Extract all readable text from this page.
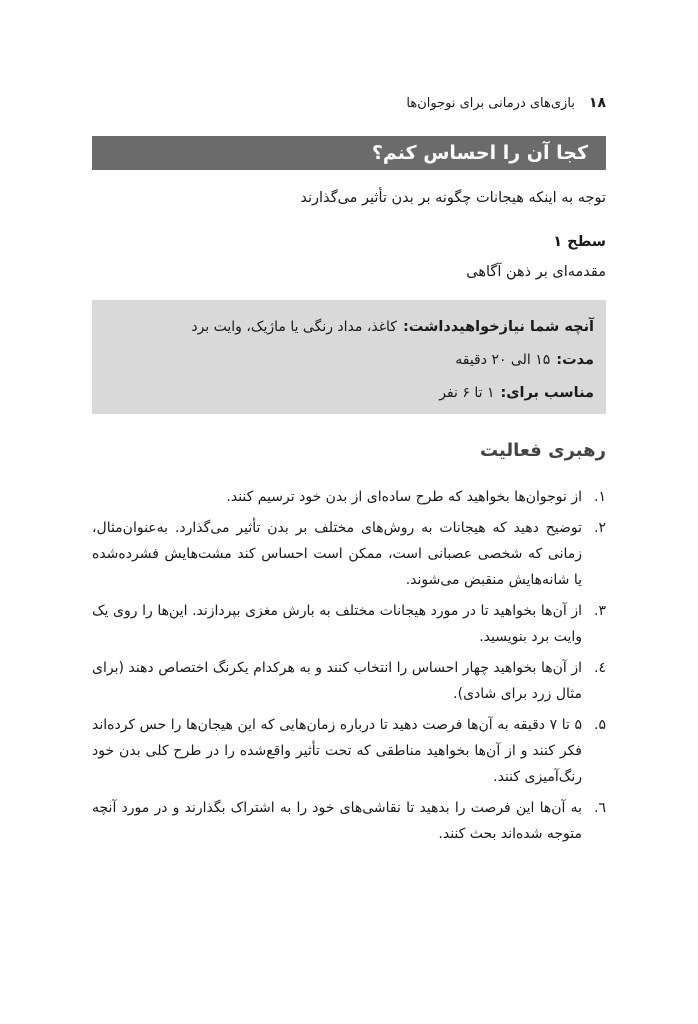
۱۸
بازی‌های درمانی برای نوجوان‌ها
کجا آن را احساس کنم؟
توجه به اینکه هیجانات چگونه بر بدن تأثیر می‌گذارند
سطح ۱
مقدمه‌ای بر ذهن آگاهی
آنچه شما نیازخواهیدداشت:
کاغذ، مداد رنگی یا ماژیک، وایت برد
مدت:
۱۵ الی ۲۰ دقیقه
مناسب برای:
۱ تا ۶ نفر
رهبری فعالیت
۱.
از نوجوان‌ها بخواهید که طرح ساده‌ای از بدن خود ترسیم کنند.
۲.
توضیح دهید که هیجانات به روش‌های مختلف بر بدن تأثیر می‌گذارد. به‌عنوان‌مثال، زمانی که شخصی عصبانی است، ممکن است احساس کند مشت‌هایش فشرده‌شده یا شانه‌هایش منقبض می‌شوند.
۳.
از آن‌ها بخواهید تا در مورد هیجانات مختلف به بارش مغزی بپردازند. این‌ها را روی یک وایت برد بنویسید.
٤.
از آن‌ها بخواهید چهار احساس را انتخاب کنند و به هرکدام یکرنگ اختصاص دهند (برای مثال زرد برای شادی).
۵.
۵ تا ۷ دقیقه به آن‌ها فرصت دهید تا درباره زمان‌هایی که این هیجان‌ها را حس کرده‌اند فکر کنند و از آن‌ها بخواهید مناطقی که تحت تأثیر واقع‌شده را در طرح کلی بدن خود رنگ‌آمیزی کنند.
٦.
به آن‌ها این فرصت را بدهید تا نقاشی‌های خود را به اشتراک بگذارند و در مورد آنچه متوجه شده‌اند بحث کنند.
